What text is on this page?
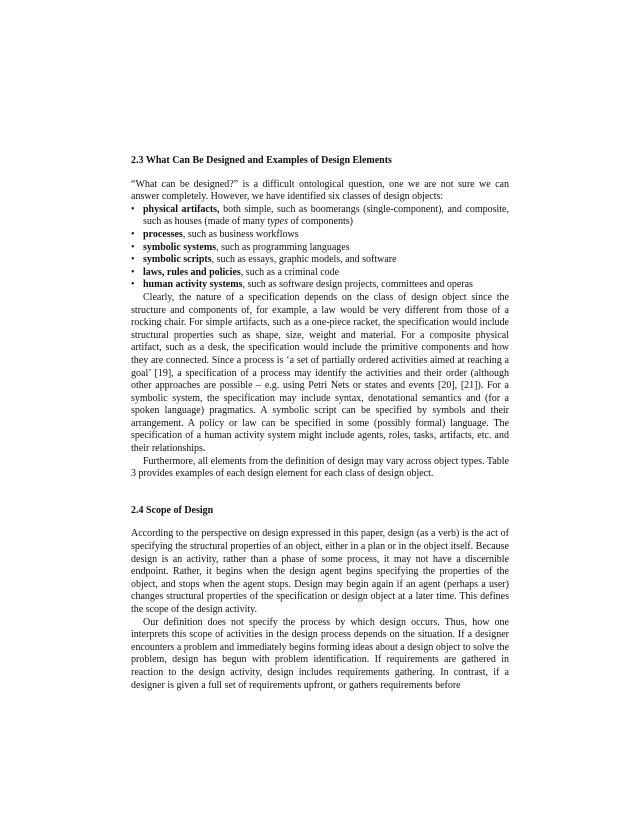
2.3 What Can Be Designed and Examples of Design Elements

“What can be designed?” is a difficult ontological question, one we are not sure we can answer completely. However, we have identified six classes of design objects:

• physical artifacts, both simple, such as boomerangs (single-component), and composite, such as houses (made of many types of components)
• processes, such as business workflows
• symbolic systems, such as programming languages
• symbolic scripts, such as essays, graphic models, and software
• laws, rules and policies, such as a criminal code
• human activity systems, such as software design projects, committees and operas

Clearly, the nature of a specification depends on the class of design object since the structure and components of, for example, a law would be very different from those of a rocking chair. For simple artifacts, such as a one-piece racket, the specification would include structural properties such as shape, size, weight and material. For a composite physical artifact, such as a desk, the specification would include the primitive components and how they are connected. Since a process is ‘a set of partially ordered activities aimed at reaching a goal’ [19], a specification of a process may identify the activities and their order (although other approaches are possible – e.g. using Petri Nets or states and events [20], [21]). For a symbolic system, the specification may include syntax, denotational semantics and (for a spoken language) pragmatics. A symbolic script can be specified by symbols and their arrangement. A policy or law can be specified in some (possibly formal) language. The specification of a human activity system might include agents, roles, tasks, artifacts, etc. and their relationships.

Furthermore, all elements from the definition of design may vary across object types. Table 3 provides examples of each design element for each class of design object.

2.4 Scope of Design

According to the perspective on design expressed in this paper, design (as a verb) is the act of specifying the structural properties of an object, either in a plan or in the object itself. Because design is an activity, rather than a phase of some process, it may not have a discernible endpoint. Rather, it begins when the design agent begins specifying the properties of the object, and stops when the agent stops. Design may begin again if an agent (perhaps a user) changes structural properties of the specification or design object at a later time. This defines the scope of the design activity.

Our definition does not specify the process by which design occurs. Thus, how one interprets this scope of activities in the design process depends on the situation. If a designer encounters a problem and immediately begins forming ideas about a design object to solve the problem, design has begun with problem identification. If requirements are gathered in reaction to the design activity, design includes requirements gathering. In contrast, if a designer is given a full set of requirements upfront, or gathers requirements before
